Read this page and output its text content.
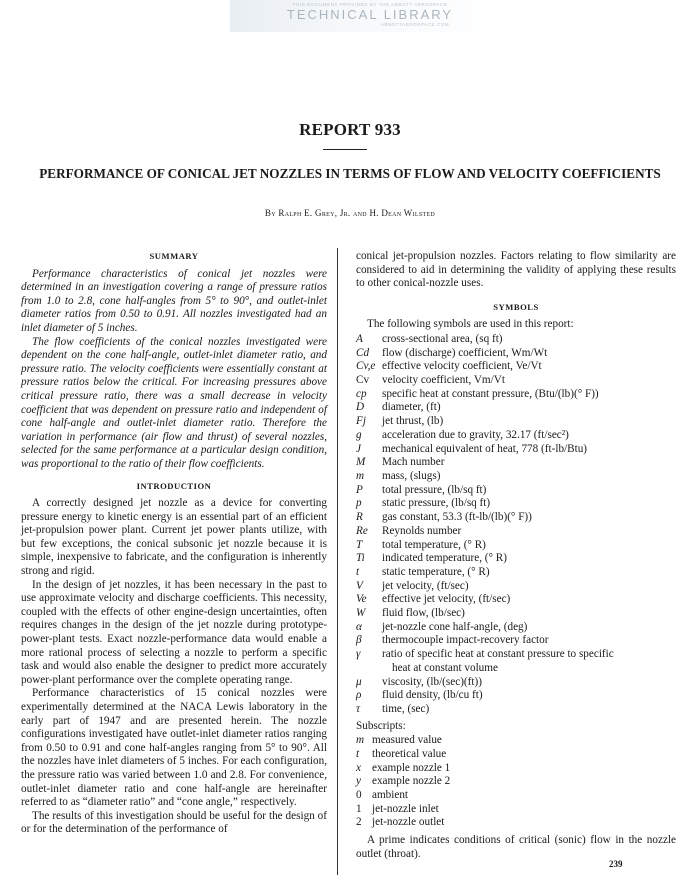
THIS DOCUMENT PROVIDED BY THE ABBOTT AEROSPACE
TECHNICAL LIBRARY
ABBOTTAEROSPACE.COM
REPORT 933
PERFORMANCE OF CONICAL JET NOZZLES IN TERMS OF FLOW AND VELOCITY COEFFICIENTS
By Ralph E. Grey, Jr. and H. Dean Wilsted
SUMMARY

Performance characteristics of conical jet nozzles were determined in an investigation covering a range of pressure ratios from 1.0 to 2.8, cone half-angles from 5° to 90°, and outlet-inlet diameter ratios from 0.50 to 0.91. All nozzles investigated had an inlet diameter of 5 inches.

The flow coefficients of the conical nozzles investigated were dependent on the cone half-angle, outlet-inlet diameter ratio, and pressure ratio. The velocity coefficients were essentially constant at pressure ratios below the critical. For increasing pressures above critical pressure ratio, there was a small decrease in velocity coefficient that was dependent on pressure ratio and independent of cone half-angle and outlet-inlet diameter ratio. Therefore the variation in performance (air flow and thrust) of several nozzles, selected for the same performance at a particular design condition, was proportional to the ratio of their flow coefficients.

INTRODUCTION

A correctly designed jet nozzle as a device for converting pressure energy to kinetic energy is an essential part of an efficient jet-propulsion power plant. Current jet power plants utilize, with but few exceptions, the conical subsonic jet nozzle because it is simple, inexpensive to fabricate, and the configuration is inherently strong and rigid.

In the design of jet nozzles, it has been necessary in the past to use approximate velocity and discharge coefficients. This necessity, coupled with the effects of other engine-design uncertainties, often requires changes in the design of the jet nozzle during prototype-power-plant tests. Exact nozzle-performance data would enable a more rational process of selecting a nozzle to perform a specific task and would also enable the designer to predict more accurately power-plant performance over the complete operating range.

Performance characteristics of 15 conical nozzles were experimentally determined at the NACA Lewis laboratory in the early part of 1947 and are presented herein. The nozzle configurations investigated have outlet-inlet diameter ratios ranging from 0.50 to 0.91 and cone half-angles ranging from 5° to 90°. All the nozzles have inlet diameters of 5 inches. For each configuration, the pressure ratio was varied between 1.0 and 2.8. For convenience, outlet-inlet diameter ratio and cone half-angle are hereinafter referred to as “diameter ratio” and “cone angle,” respectively.

The results of this investigation should be useful for the design of or for the determination of the performance of

conical jet-propulsion nozzles. Factors relating to flow similarity are considered to aid in determining the validity of applying these results to other conical-nozzle uses.

SYMBOLS

The following symbols are used in this report:

A	cross-sectional area, (sq ft)
Cd	flow (discharge) coefficient, Wm/Wt
Cv,e effective velocity coefficient, Ve/Vt
Cv	velocity coefficient, Vm/Vt
cp	specific heat at constant pressure, (Btu/(lb)(° F))
D	diameter, (ft)
Fj	jet thrust, (lb)
g	acceleration due to gravity, 32.17 (ft/sec²)
J	mechanical equivalent of heat, 778 (ft-lb/Btu)
M	Mach number
m	mass, (slugs)
P	total pressure, (lb/sq ft)
p	static pressure, (lb/sq ft)
R	gas constant, 53.3 (ft-lb/(lb)(° F))
Re	Reynolds number
T	total temperature, (° R)
Ti	indicated temperature, (° R)
t	static temperature, (° R)
V	jet velocity, (ft/sec)
Ve	effective jet velocity, (ft/sec)
W	fluid flow, (lb/sec)
α	jet-nozzle cone half-angle, (deg)
β	thermocouple impact-recovery factor
γ	ratio of specific heat at constant pressure to specific
heat at constant volume
μ	viscosity, (lb/(sec)(ft))
ρ	fluid density, (lb/cu ft)
τ	time, (sec)

Subscripts:

m measured value
t	theoretical value
x example nozzle 1
y example nozzle 2
0 ambient
1 jet-nozzle inlet
2 jet-nozzle outlet

A prime indicates conditions of critical (sonic) flow in the nozzle outlet (throat).

239
